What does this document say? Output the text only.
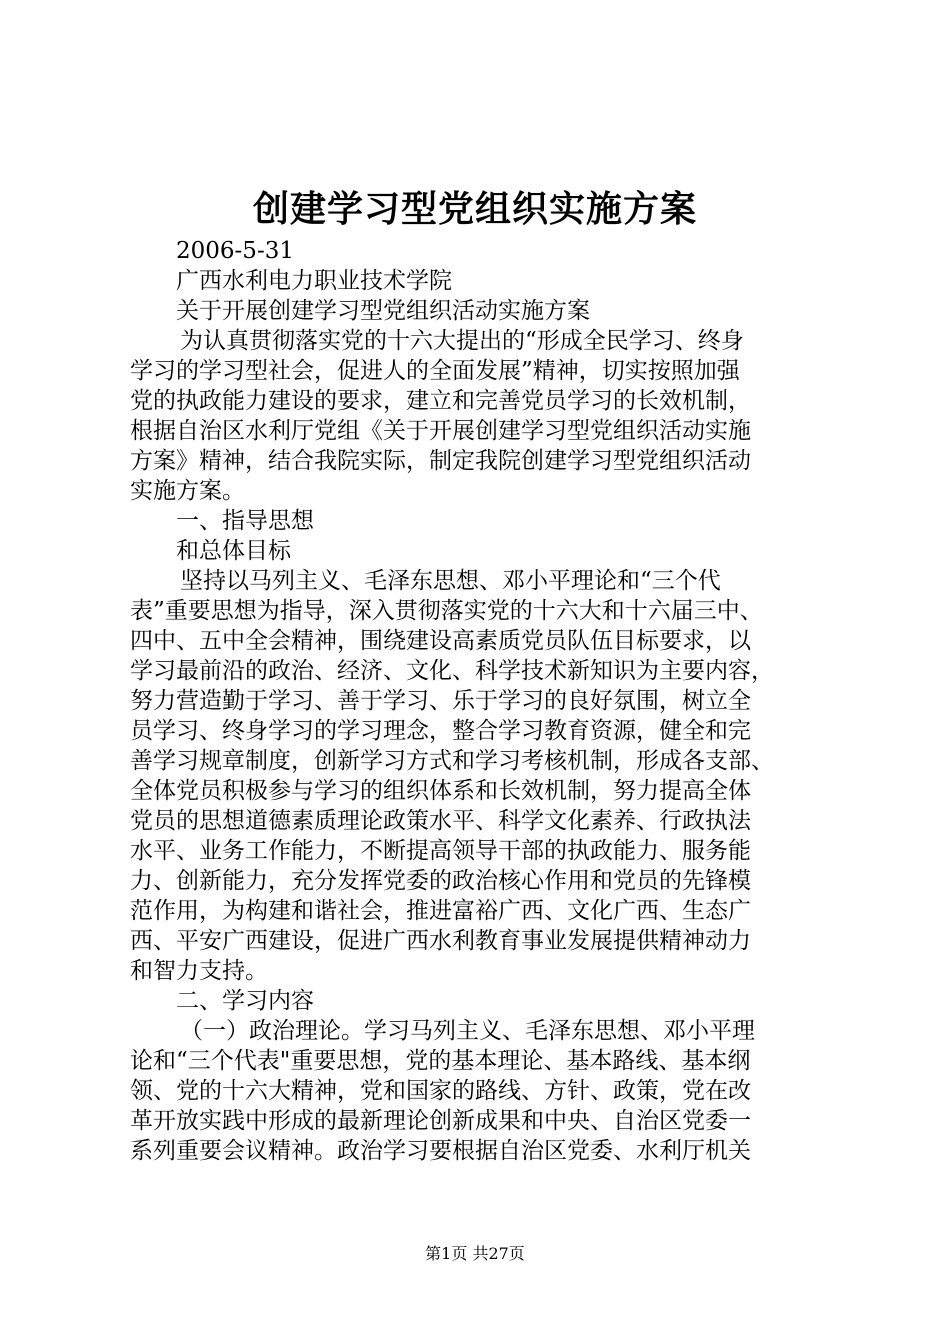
创建学习型党组织实施方案
2006-5-31
广西水利电力职业技术学院
关于开展创建学习型党组织活动实施方案
为认真贯彻落实党的十六大提出的“形成全民学习、终身
学习的学习型社会，促进人的全面发展”精神，切实按照加强
党的执政能力建设的要求，建立和完善党员学习的长效机制，
根据自治区水利厅党组《关于开展创建学习型党组织活动实施
方案》精神，结合我院实际，制定我院创建学习型党组织活动
实施方案。
一、指导思想
和总体目标
坚持以马列主义、毛泽东思想、邓小平理论和“三个代
表”重要思想为指导，深入贯彻落实党的十六大和十六届三中、
四中、五中全会精神，围绕建设高素质党员队伍目标要求，以
学习最前沿的政治、经济、文化、科学技术新知识为主要内容，
努力营造勤于学习、善于学习、乐于学习的良好氛围，树立全
员学习、终身学习的学习理念，整合学习教育资源，健全和完
善学习规章制度，创新学习方式和学习考核机制，形成各支部、
全体党员积极参与学习的组织体系和长效机制，努力提高全体
党员的思想道德素质理论政策水平、科学文化素养、行政执法
水平、业务工作能力，不断提高领导干部的执政能力、服务能
力、创新能力，充分发挥党委的政治核心作用和党员的先锋模
范作用，为构建和谐社会，推进富裕广西、文化广西、生态广
西、平安广西建设，促进广西水利教育事业发展提供精神动力
和智力支持。
二、学习内容
（一）政治理论。学习马列主义、毛泽东思想、邓小平理
论和“三个代表"重要思想，党的基本理论、基本路线、基本纲
领、党的十六大精神，党和国家的路线、方针、政策，党在改
革开放实践中形成的最新理论创新成果和中央、自治区党委一
系列重要会议精神。政治学习要根据自治区党委、水利厅机关
第1页 共27页
